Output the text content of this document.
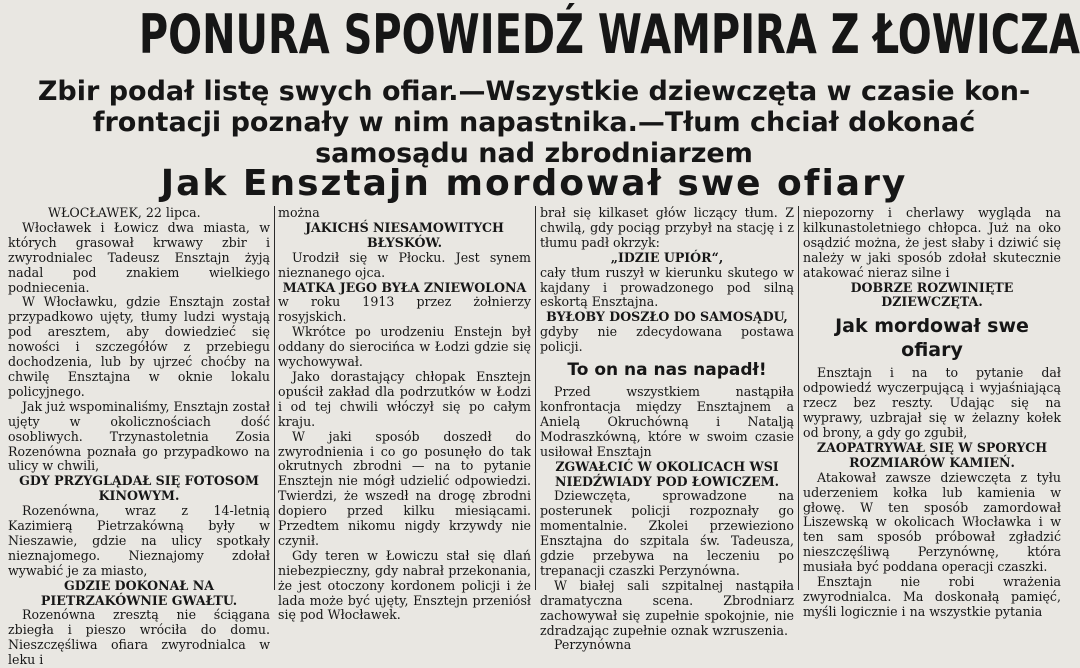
PONURA SPOWIEDŹ WAMPIRA Z ŁOWICZA
Zbir podał listę swych ofiar.—Wszystkie dziewczęta w czasie kon-
frontacji poznały w nim napastnika.—Tłum chciał dokonać
samosądu nad zbrodniarzem
Jak Ensztajn mordował swe ofiary

WŁOCŁAWEK, 22 lipca.

Włocławek i Łowicz dwa miasta, w których grasował krwawy zbir i zwyrodnialec Tadeusz Ensztajn żyją nadal pod znakiem wielkiego podniecenia.

W Włocławku, gdzie Ensztajn został przypadkowo ujęty, tłumy ludzi wystają pod aresztem, aby dowiedzieć się nowości i szczegółów z przebiegu dochodzenia, lub by ujrzeć choćby na chwilę Ensztajna w oknie lokalu policyjnego.

Jak już wspominaliśmy, Ensztajn został ujęty w okolicznościach dość osobliwych. Trzynastoletnia Zosia Rozenówna poznała go przypadkowo na ulicy w chwili,

GDY PRZYGLĄDAŁ SIĘ FOTOSOM KINOWYM.

Rozenówna, wraz z 14-letnią Kazimierą Pietrzakówną były w Nieszawie, gdzie na ulicy spotkały nieznajomego. Nieznajomy zdołał wywabić je za miasto,

GDZIE DOKONAŁ NA PIETRZAKÓWNIE GWAŁTU.

Rozenówna zresztą nie ściągana zbiegła i pieszo wróciła do domu. Nieszczęśliwa ofiara zwyrodnialca w leku i

można

JAKICHŚ NIESAMOWITYCH BŁYSKÓW.

Urodził się w Płocku. Jest synem nieznanego ojca.

MATKA JEGO BYŁA ZNIEWOLONA

w roku 1913 przez żołnierzy rosyjskich.

Wkrótce po urodzeniu Enstejn był oddany do sierocińca w Łodzi gdzie się wychowywał.

Jako dorastający chłopak Ensztejn opuścił zakład dla podrzutków w Łodzi i od tej chwili włóczył się po całym kraju.

W jaki sposób doszedł do zwyrodnienia i co go posunęło do tak okrutnych zbrodni — na to pytanie Ensztejn nie mógł udzielić odpowiedzi. Twierdzi, że wszedł na drogę zbrodni dopiero przed kilku miesiącami. Przedtem nikomu nigdy krzywdy nie czynił.

Gdy teren w Łowiczu stał się dlań niebezpieczny, gdy nabrał przekonania, że jest otoczony kordonem policji i że lada może być ujęty, Ensztejn przeniósł się pod Włocławek.

brał się kilkaset głów liczący tłum. Z chwilą, gdy pociąg przybył na stację i z tłumu padł okrzyk:

„IDZIE UPIÓR“,

cały tłum ruszył w kierunku skutego w kajdany i prowadzonego pod silną eskortą Ensztajna.

BYŁOBY DOSZŁO DO SAMOSĄDU,

gdyby nie zdecydowana postawa policji.

To on na nas napadł!

Przed wszystkiem nastąpiła konfrontacja między Ensztajnem a Anielą Okruchówną i Natalją Modraszkówną, które w swoim czasie usiłował Ensztajn

ZGWAŁCIĆ W OKOLICACH WSI NIEDŹWIADY POD ŁOWICZEM.

Dziewczęta, sprowadzone na posterunek policji rozpoznały go momentalnie. Zkolei przewieziono Ensztajna do szpitala św. Tadeusza, gdzie przebywa na leczeniu po trepanacji czaszki Perzynówna.

W białej sali szpitalnej nastąpiła dramatyczna scena. Zbrodniarz zachowywał się zupełnie spokojnie, nie zdradzając zupełnie oznak wzruszenia.

Perzynówna

niepozorny i cherlawy wygląda na kilkunastoletniego chłopca. Już na oko osądzić można, że jest słaby i dziwić się należy w jaki sposób zdołał skutecznie atakować nieraz silne i

DOBRZE ROZWINIĘTE DZIEWCZĘTA.

Jak mordował swe ofiary

Ensztajn i na to pytanie dał odpowiedź wyczerpującą i wyjaśniającą rzecz bez reszty. Udając się na wyprawy, uzbrajał się w żelazny kołek od brony, a gdy go zgubił,

ZAOPATRYWAŁ SIĘ W SPORYCH ROZMIARÓW KAMIEŃ.

Atakował zawsze dziewczęta z tyłu uderzeniem kołka lub kamienia w głowę. W ten sposób zamordował Liszewską w okolicach Włocławka i w ten sam sposób próbował zgładzić nieszczęśliwą Perzynównę, która musiała być poddana operacji czaszki.

Ensztajn nie robi wrażenia zwyrodnialca. Ma doskonałą pamięć, myśli logicznie i na wszystkie pytania
